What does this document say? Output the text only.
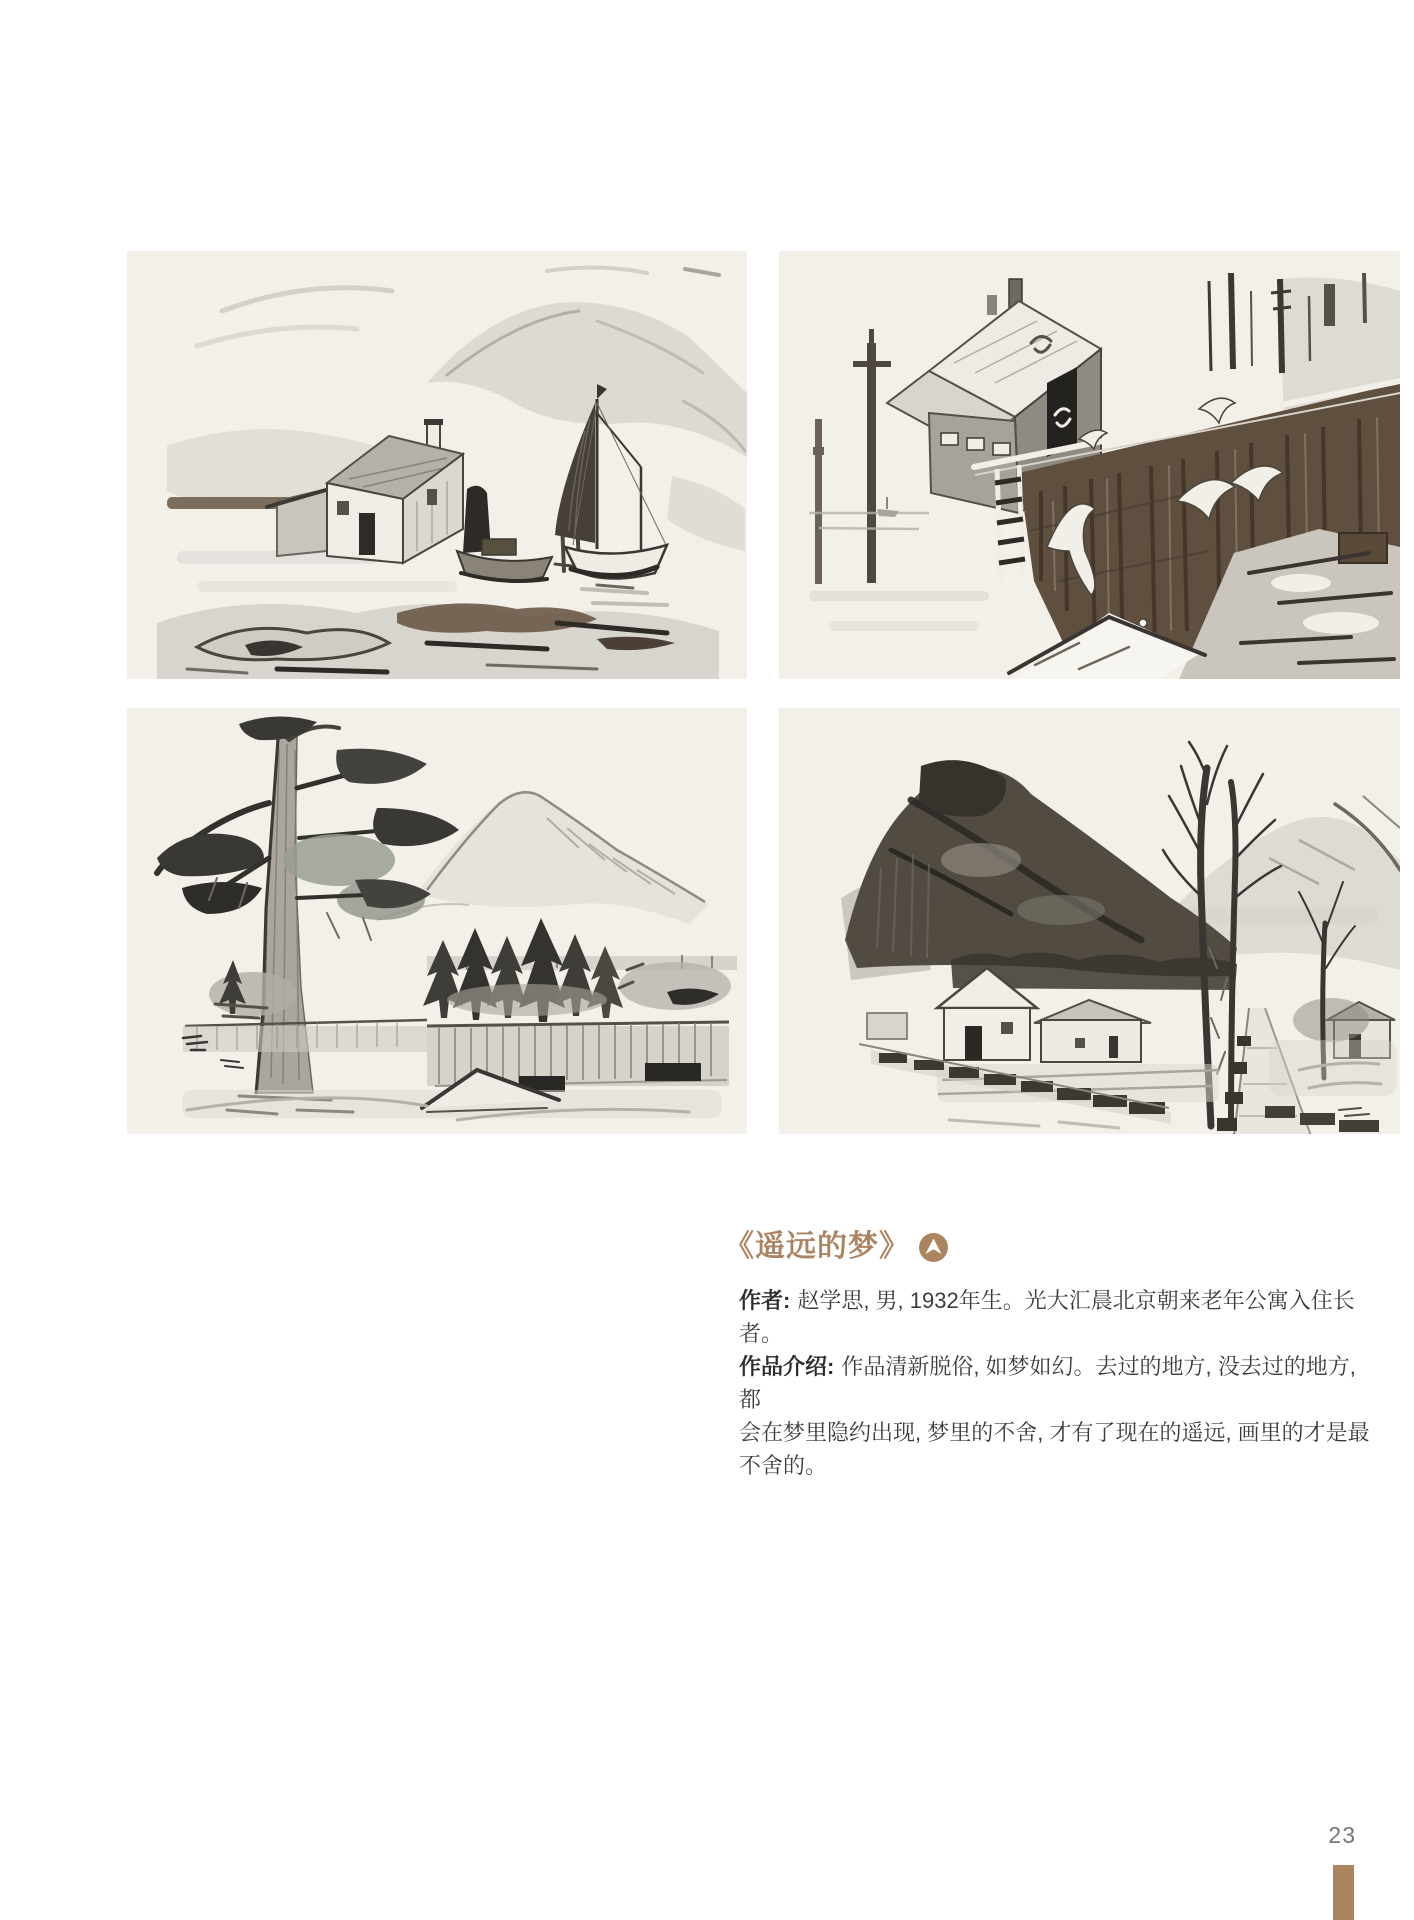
《遥远的梦》
作者: 赵学思, 男, 1932年生。光大汇晨北京朝来老年公寓入住长者。
作品介绍: 作品清新脱俗, 如梦如幻。去过的地方, 没去过的地方, 都
会在梦里隐约出现, 梦里的不舍, 才有了现在的遥远, 画里的才是最
不舍的。
23
